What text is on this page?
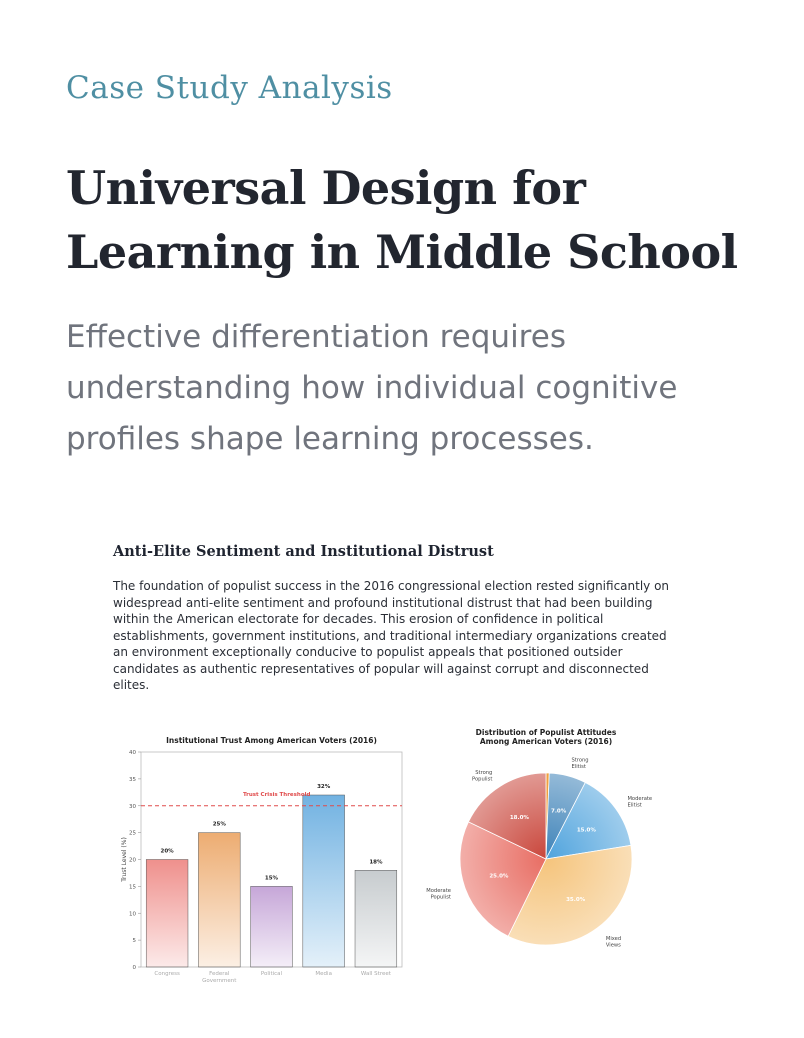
Case Study Analysis
Universal Design for Learning in Middle School
Effective differentiation requires understanding how individual cognitive profiles shape learning processes.
Anti-Elite Sentiment and Institutional Distrust
The foundation of populist success in the 2016 congressional election rested significantly on widespread anti-elite sentiment and profound institutional distrust that had been building within the American electorate for decades. This erosion of confidence in political establishments, government institutions, and traditional intermediary organizations created an environment exceptionally conducive to populist appeals that positioned outsider candidates as authentic representatives of popular will against corrupt and disconnected elites.
Institutional Trust Among American Voters (2016)
0
5
10
15
20
25
30
35
40
Trust Level (%)	20%
Congress
25%
Federal
Government
15%
Political
32%
Media
18%
Wall Street
Trust Crisis Threshold
Distribution of Populist Attitudes
Among American Voters (2016)
7.0%
Strong
Elitist
15.0%
Moderate
Elitist
35.0%
Mixed
Views
25.0%
Moderate
Populist
18.0%
Strong
Populist
